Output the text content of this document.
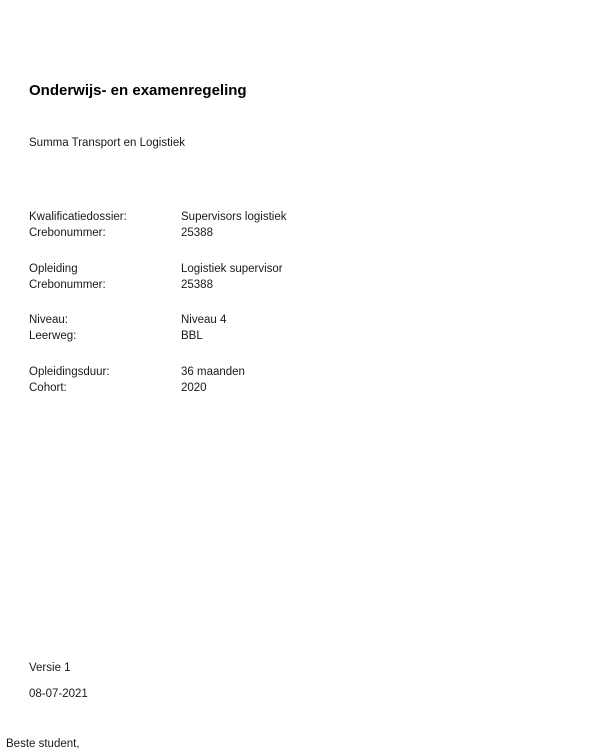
Onderwijs- en examenregeling
Summa Transport en Logistiek
Kwalificatiedossier:	Supervisors logistiek
Crebonummer:	25388
Opleiding	Logistiek supervisor
Crebonummer:	25388
Niveau:	Niveau 4
Leerweg:	BBL
Opleidingsduur:	36 maanden
Cohort:	2020
Versie 1
08-07-2021
Beste student,
